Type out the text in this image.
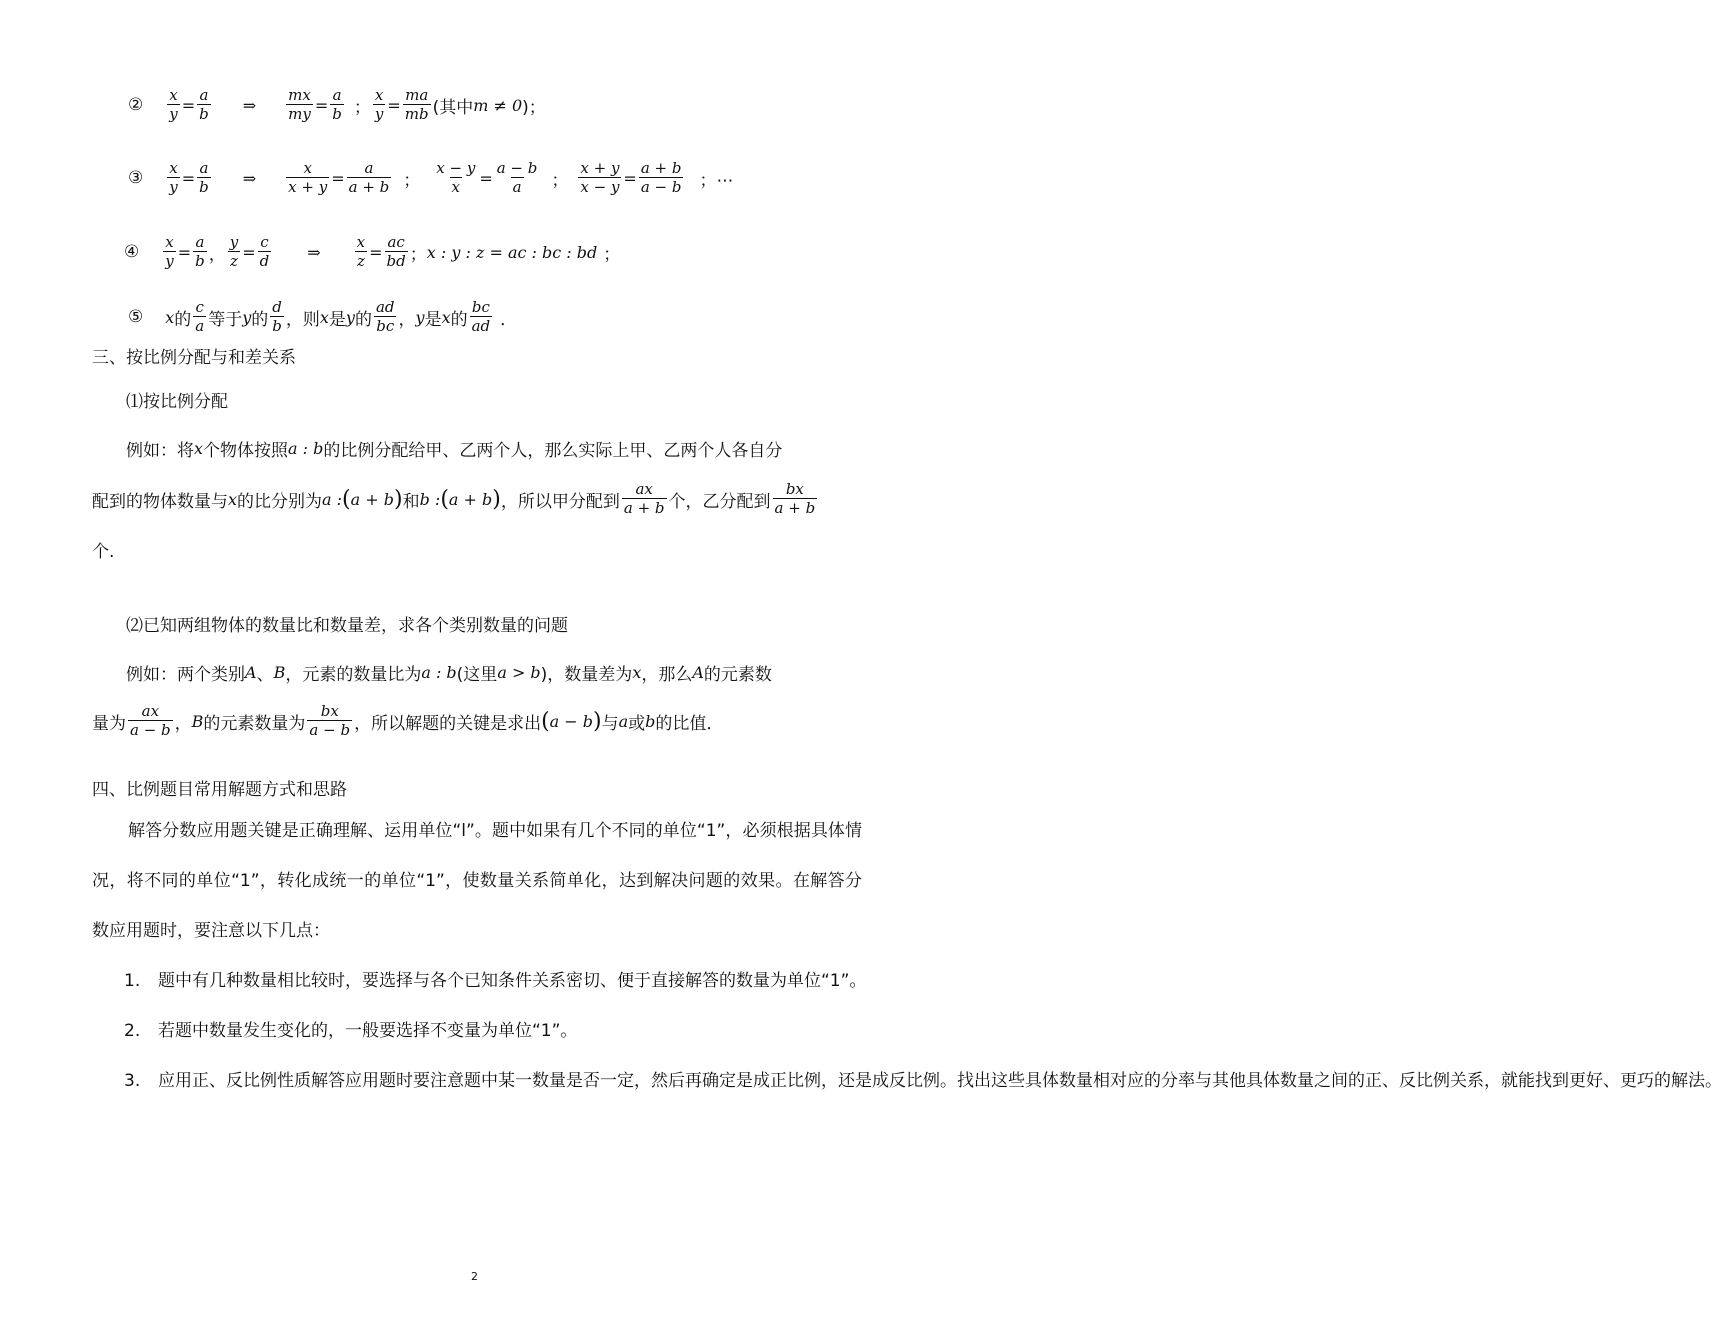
② $\frac{x}{y} = \frac{a}{b}$ ⇒ $\frac{mx}{my} = \frac{a}{b}$ ； $\frac{x}{y} = \frac{ma}{mb}$ (其中 m ≠ 0 )；
③ $\frac{x}{y} = \frac{a}{b}$ ⇒ $\frac{x}{x + y} = \frac{a}{a + b}$ ； $\frac{x - y}{x} = \frac{a - b}{a}$ ； $\frac{x + y}{x - y} = \frac{a + b}{a - b}$ ；⋯
④ $\frac{x}{y} = \frac{a}{b}$ ， $\frac{y}{z} = \frac{c}{d}$ ⇒ $\frac{x}{z} = \frac{ac}{bd}$ ； x : y : z = ac : bc : bd ；
⑤ x 的 $\frac{c}{a}$ 等于 y 的 $\frac{d}{b}$ ，则 x 是 y 的 $\frac{ad}{bc}$ ， y 是 x 的 $\frac{bc}{ad}$ ．
三、按比例分配与和差关系
⑴按比例分配
例如：将 x 个物体按照 a : b 的比例分配给甲、乙两个人，那么实际上甲、乙两个人各自分
配到的物体数量与 x 的比分别为 a : ( a + b ) 和 b : ( a + b ) ，所以甲分配到 $\frac{ax}{a + b}$ 个，乙分配到 $\frac{bx}{a + b}$
个.
⑵已知两组物体的数量比和数量差，求各个类别数量的问题
例如：两个类别 A 、 B ，元素的数量比为 a : b (这里 a > b )，数量差为 x ，那么 A 的元素数
量为 $\frac{ax}{a - b}$ ， B 的元素数量为 $\frac{bx}{a - b}$ ，所以解题的关键是求出 ( a − b ) 与 a 或 b 的比值．
四、比例题目常用解题方式和思路
解答分数应用题关键是正确理解、运用单位“l”。题中如果有几个不同的单位“1”，必须根据具体情况，将不同的单位“1”，转化成统一的单位“1”，使数量关系简单化，达到解决问题的效果。在解答分数应用题时，要注意以下几点：
1.	题中有几种数量相比较时，要选择与各个已知条件关系密切、便于直接解答的数量为单位“1”。
2.	若题中数量发生变化的，一般要选择不变量为单位“1”。
3.	应用正、反比例性质解答应用题时要注意题中某一数量是否一定，然后再确定是成正比例，还是成反比例。找出这些具体数量相对应的分率与其他具体数量之间的正、反比例关系，就能找到更好、更巧的解法。
2
